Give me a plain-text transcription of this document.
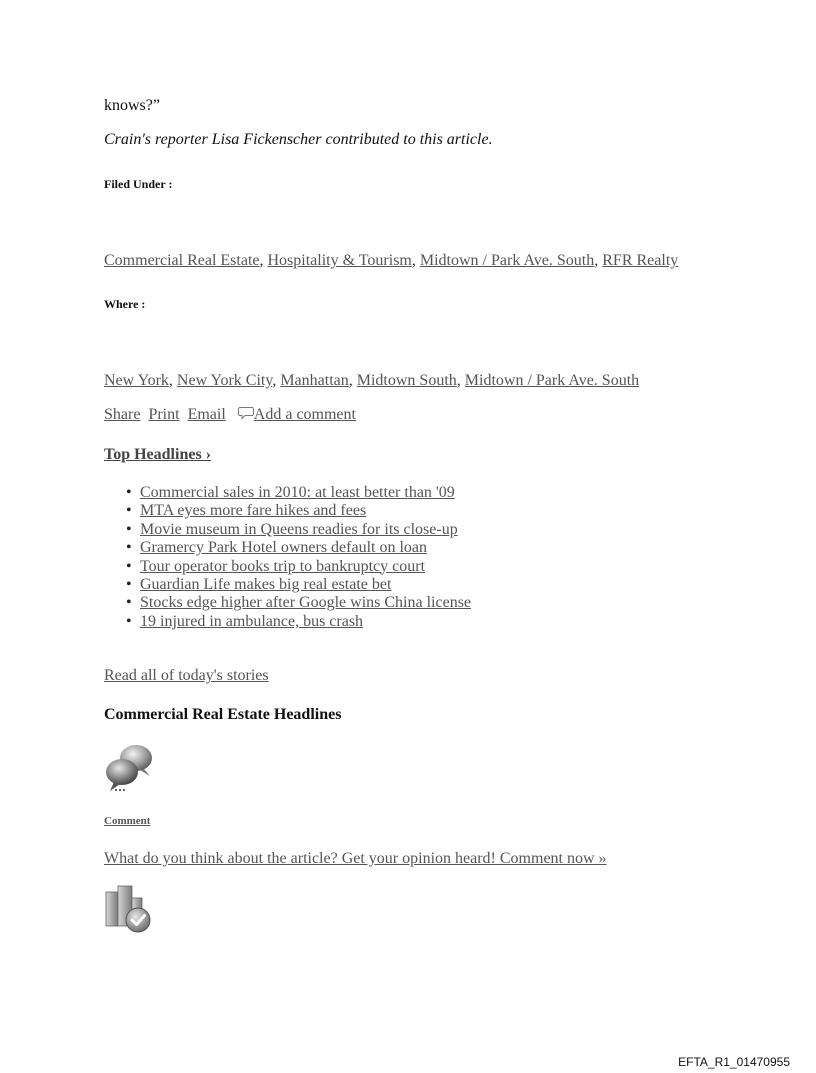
knows?”
Crain's reporter Lisa Fickenscher contributed to this article.
Filed Under :
Commercial Real Estate, Hospitality & Tourism, Midtown / Park Ave. South, RFR Realty
Where :
New York, New York City, Manhattan, Midtown South, Midtown / Park Ave. South
Share Print Email Add a comment
Top Headlines ›
• Commercial sales in 2010: at least better than '09
• MTA eyes more fare hikes and fees
• Movie museum in Queens readies for its close-up
• Gramercy Park Hotel owners default on loan
• Tour operator books trip to bankruptcy court
• Guardian Life makes big real estate bet
• Stocks edge higher after Google wins China license
• 19 injured in ambulance, bus crash
Read all of today's stories
Commercial Real Estate Headlines
Comment
What do you think about the article? Get your opinion heard! Comment now »
EFTA_R1_01470955
